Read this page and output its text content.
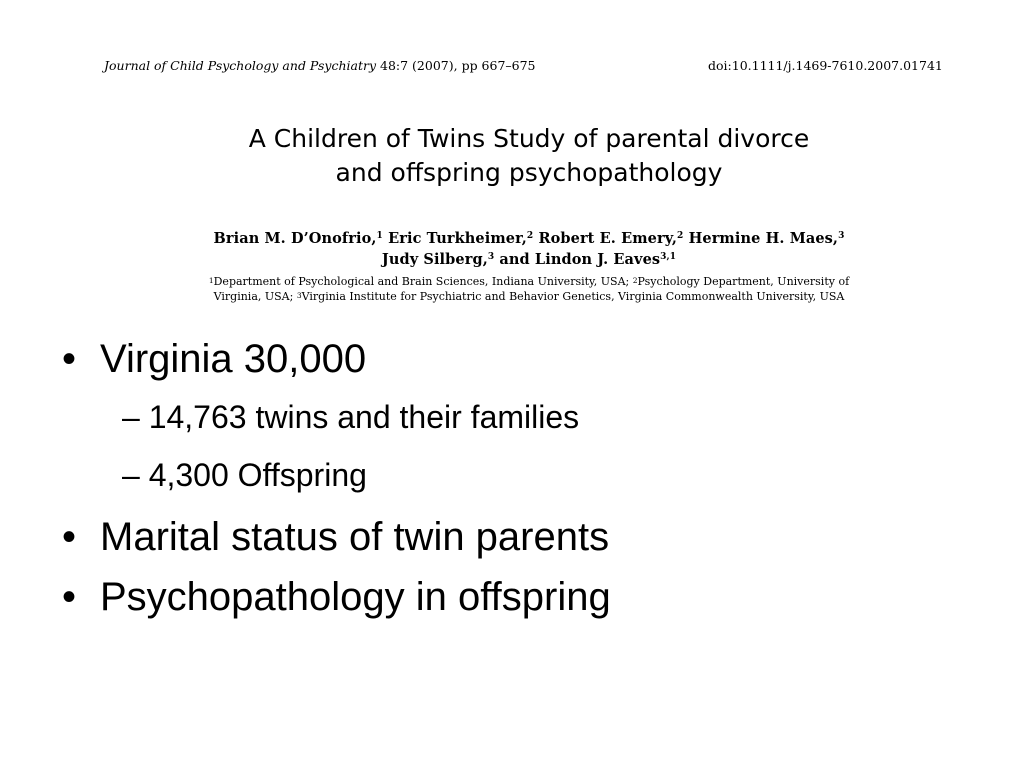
Journal of Child Psychology and Psychiatry 48:7 (2007), pp 667–675	doi:10.1111/j.1469-7610.2007.01741
A Children of Twins Study of parental divorce
and offspring psychopathology
Brian M. D’Onofrio,$^1$ Eric Turkheimer,$^2$ Robert E. Emery,$^2$ Hermine H. Maes,$^3$
Judy Silberg,$^3$ and Lindon J. Eaves$^{3,1}$
$^1$Department of Psychological and Brain Sciences, Indiana University, USA; $^2$Psychology Department, University of
Virginia, USA; $^3$Virginia Institute for Psychiatric and Behavior Genetics, Virginia Commonwealth University, USA
• Virginia 30,000
– 14,763 twins and their families
– 4,300 Offspring
• Marital status of twin parents
• Psychopathology in offspring
